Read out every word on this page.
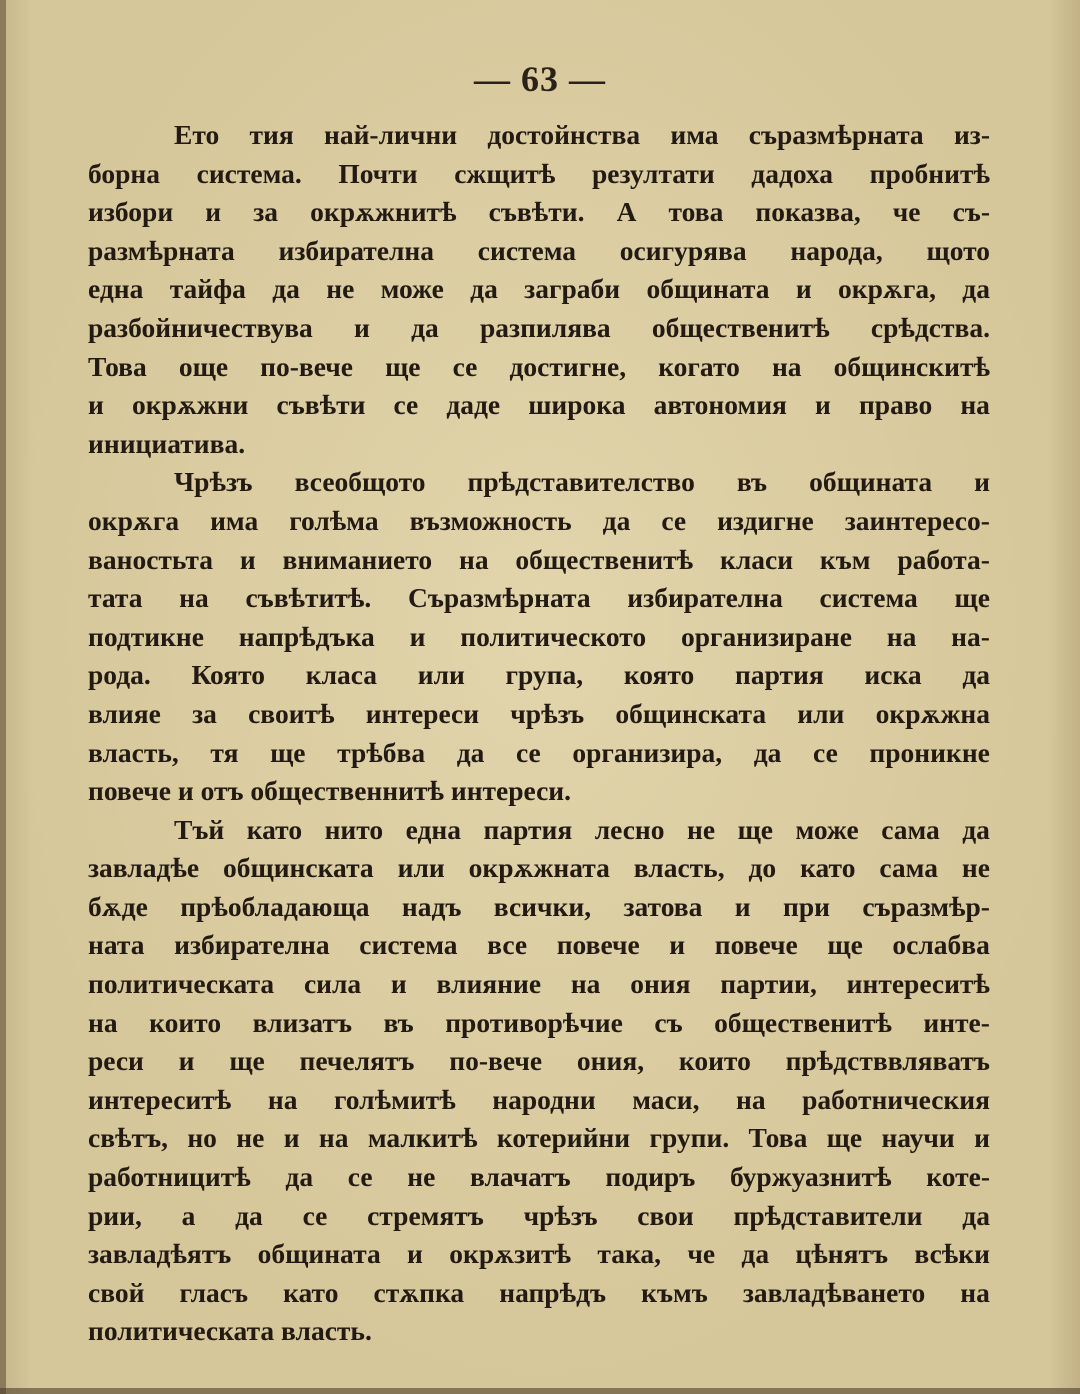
— 63 —
Ето тия най-лични достойнства има сърaзмѣрната из-
борна система. Почти сжщитѣ резултати дадоха пробнитѣ
избори и за окрѫжнитѣ съвѣти. А това показва, че съ-
размѣрната избирателна система осигурява народа, щото
една тайфа да не може да заграби общината и окрѫга, да
разбойничествува и да разпилява общественитѣ срѣдства.
Това още по-вече ще се достигне, когато на общинскитѣ
и окрѫжни съвѣти се даде широка автономия и право на
инициатива.
Чрѣзъ всеобщото прѣдставителство въ общината и
окрѫга има голѣма възможность да се издигне заинтересо-
ваностьта и вниманието на общественитѣ класи към работа-
тата на съвѣтитѣ. Сърaзмѣрната избирателна система ще
подтикне напрѣдъка и политическото организиране на на-
рода. Която класа или група, която партия иска да
влияе за своитѣ интереси чрѣзъ общинската или окрѫжна
власть, тя ще трѣбва да се организира, да се проникне
повече и отъ общественнитѣ интереси.
Тъй като нито една партия лесно не ще може сама да
завладѣе общинската или окрѫжната власть, до като сама не
бѫде прѣобладающа надъ всички, затова и при сърaзмѣр-
ната избирателна система все повече и повече ще ослабва
политическата сила и влияние на ония партии, интереситѣ
на които влизатъ въ противорѣчие съ общественитѣ инте-
реси и ще печелятъ по-вече ония, които прѣдстввляватъ
интереситѣ на голѣмитѣ народни маси, на работническия
свѣтъ, но не и на малкитѣ котерийни групи. Това ще научи и
работницитѣ да се не влачатъ подиръ буржуазнитѣ коте-
рии, а да се стремятъ чрѣзъ свои прѣдставители да
завладѣятъ общината и окрѫзитѣ така, че да цѣнятъ всѣки
свой гласъ като стѫпка напрѣдъ къмъ завладѣването на
политическата власть.
